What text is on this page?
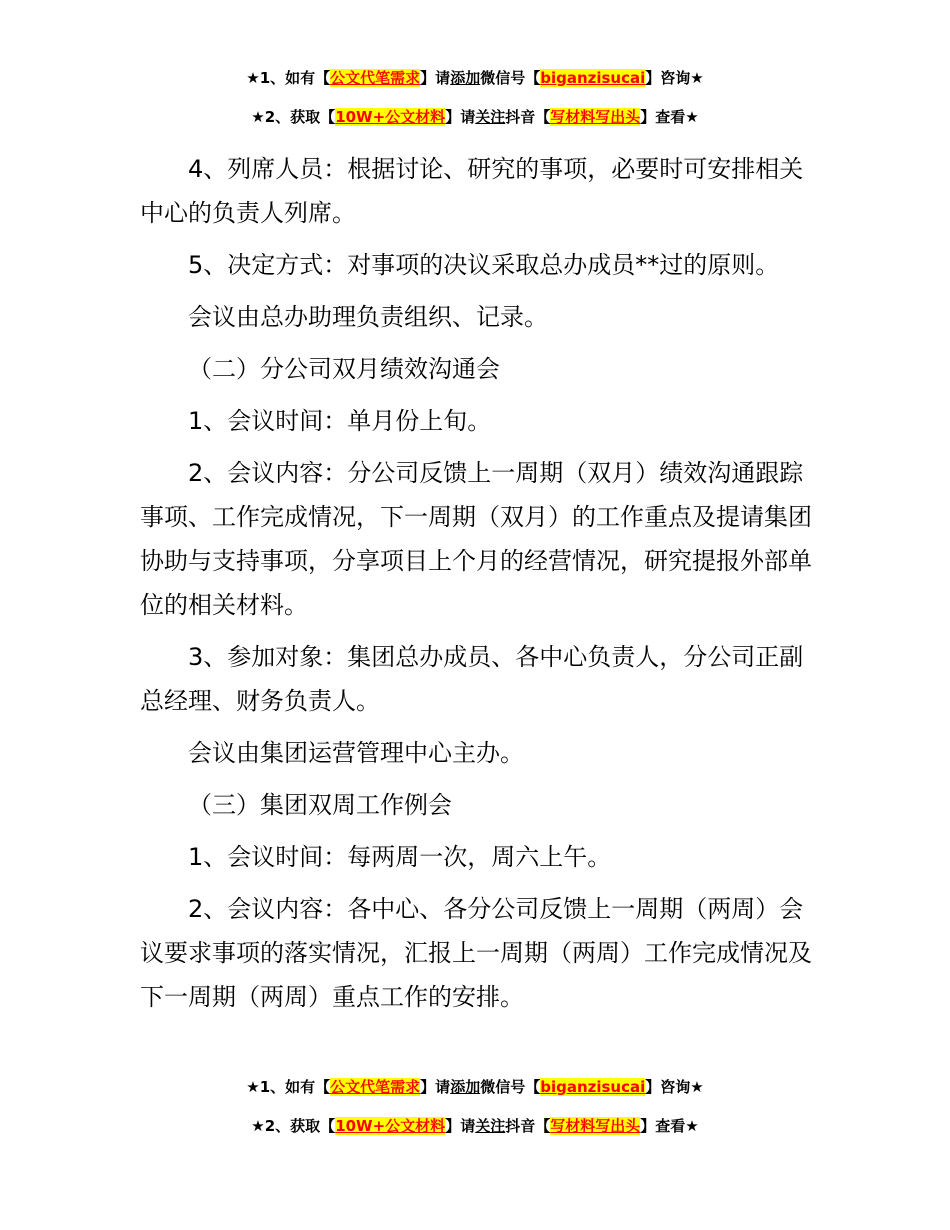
★1、如有【公文代笔需求】请添加微信号【biganzisucai】咨询★
★2、获取【10W+公文材料】请关注抖音【写材料写出头】查看★

4、列席人员：根据讨论、研究的事项，必要时可安排相关中心的负责人列席。

5、决定方式：对事项的决议采取总办成员**过的原则。

会议由总办助理负责组织、记录。

（二）分公司双月绩效沟通会

1、会议时间：单月份上旬。

2、会议内容：分公司反馈上一周期（双月）绩效沟通跟踪事项、工作完成情况，下一周期（双月）的工作重点及提请集团协助与支持事项，分享项目上个月的经营情况，研究提报外部单位的相关材料。

3、参加对象：集团总办成员、各中心负责人，分公司正副总经理、财务负责人。

会议由集团运营管理中心主办。

（三）集团双周工作例会

1、会议时间：每两周一次，周六上午。

2、会议内容：各中心、各分公司反馈上一周期（两周）会议要求事项的落实情况，汇报上一周期（两周）工作完成情况及下一周期（两周）重点工作的安排。

★1、如有【公文代笔需求】请添加微信号【biganzisucai】咨询★
★2、获取【10W+公文材料】请关注抖音【写材料写出头】查看★
